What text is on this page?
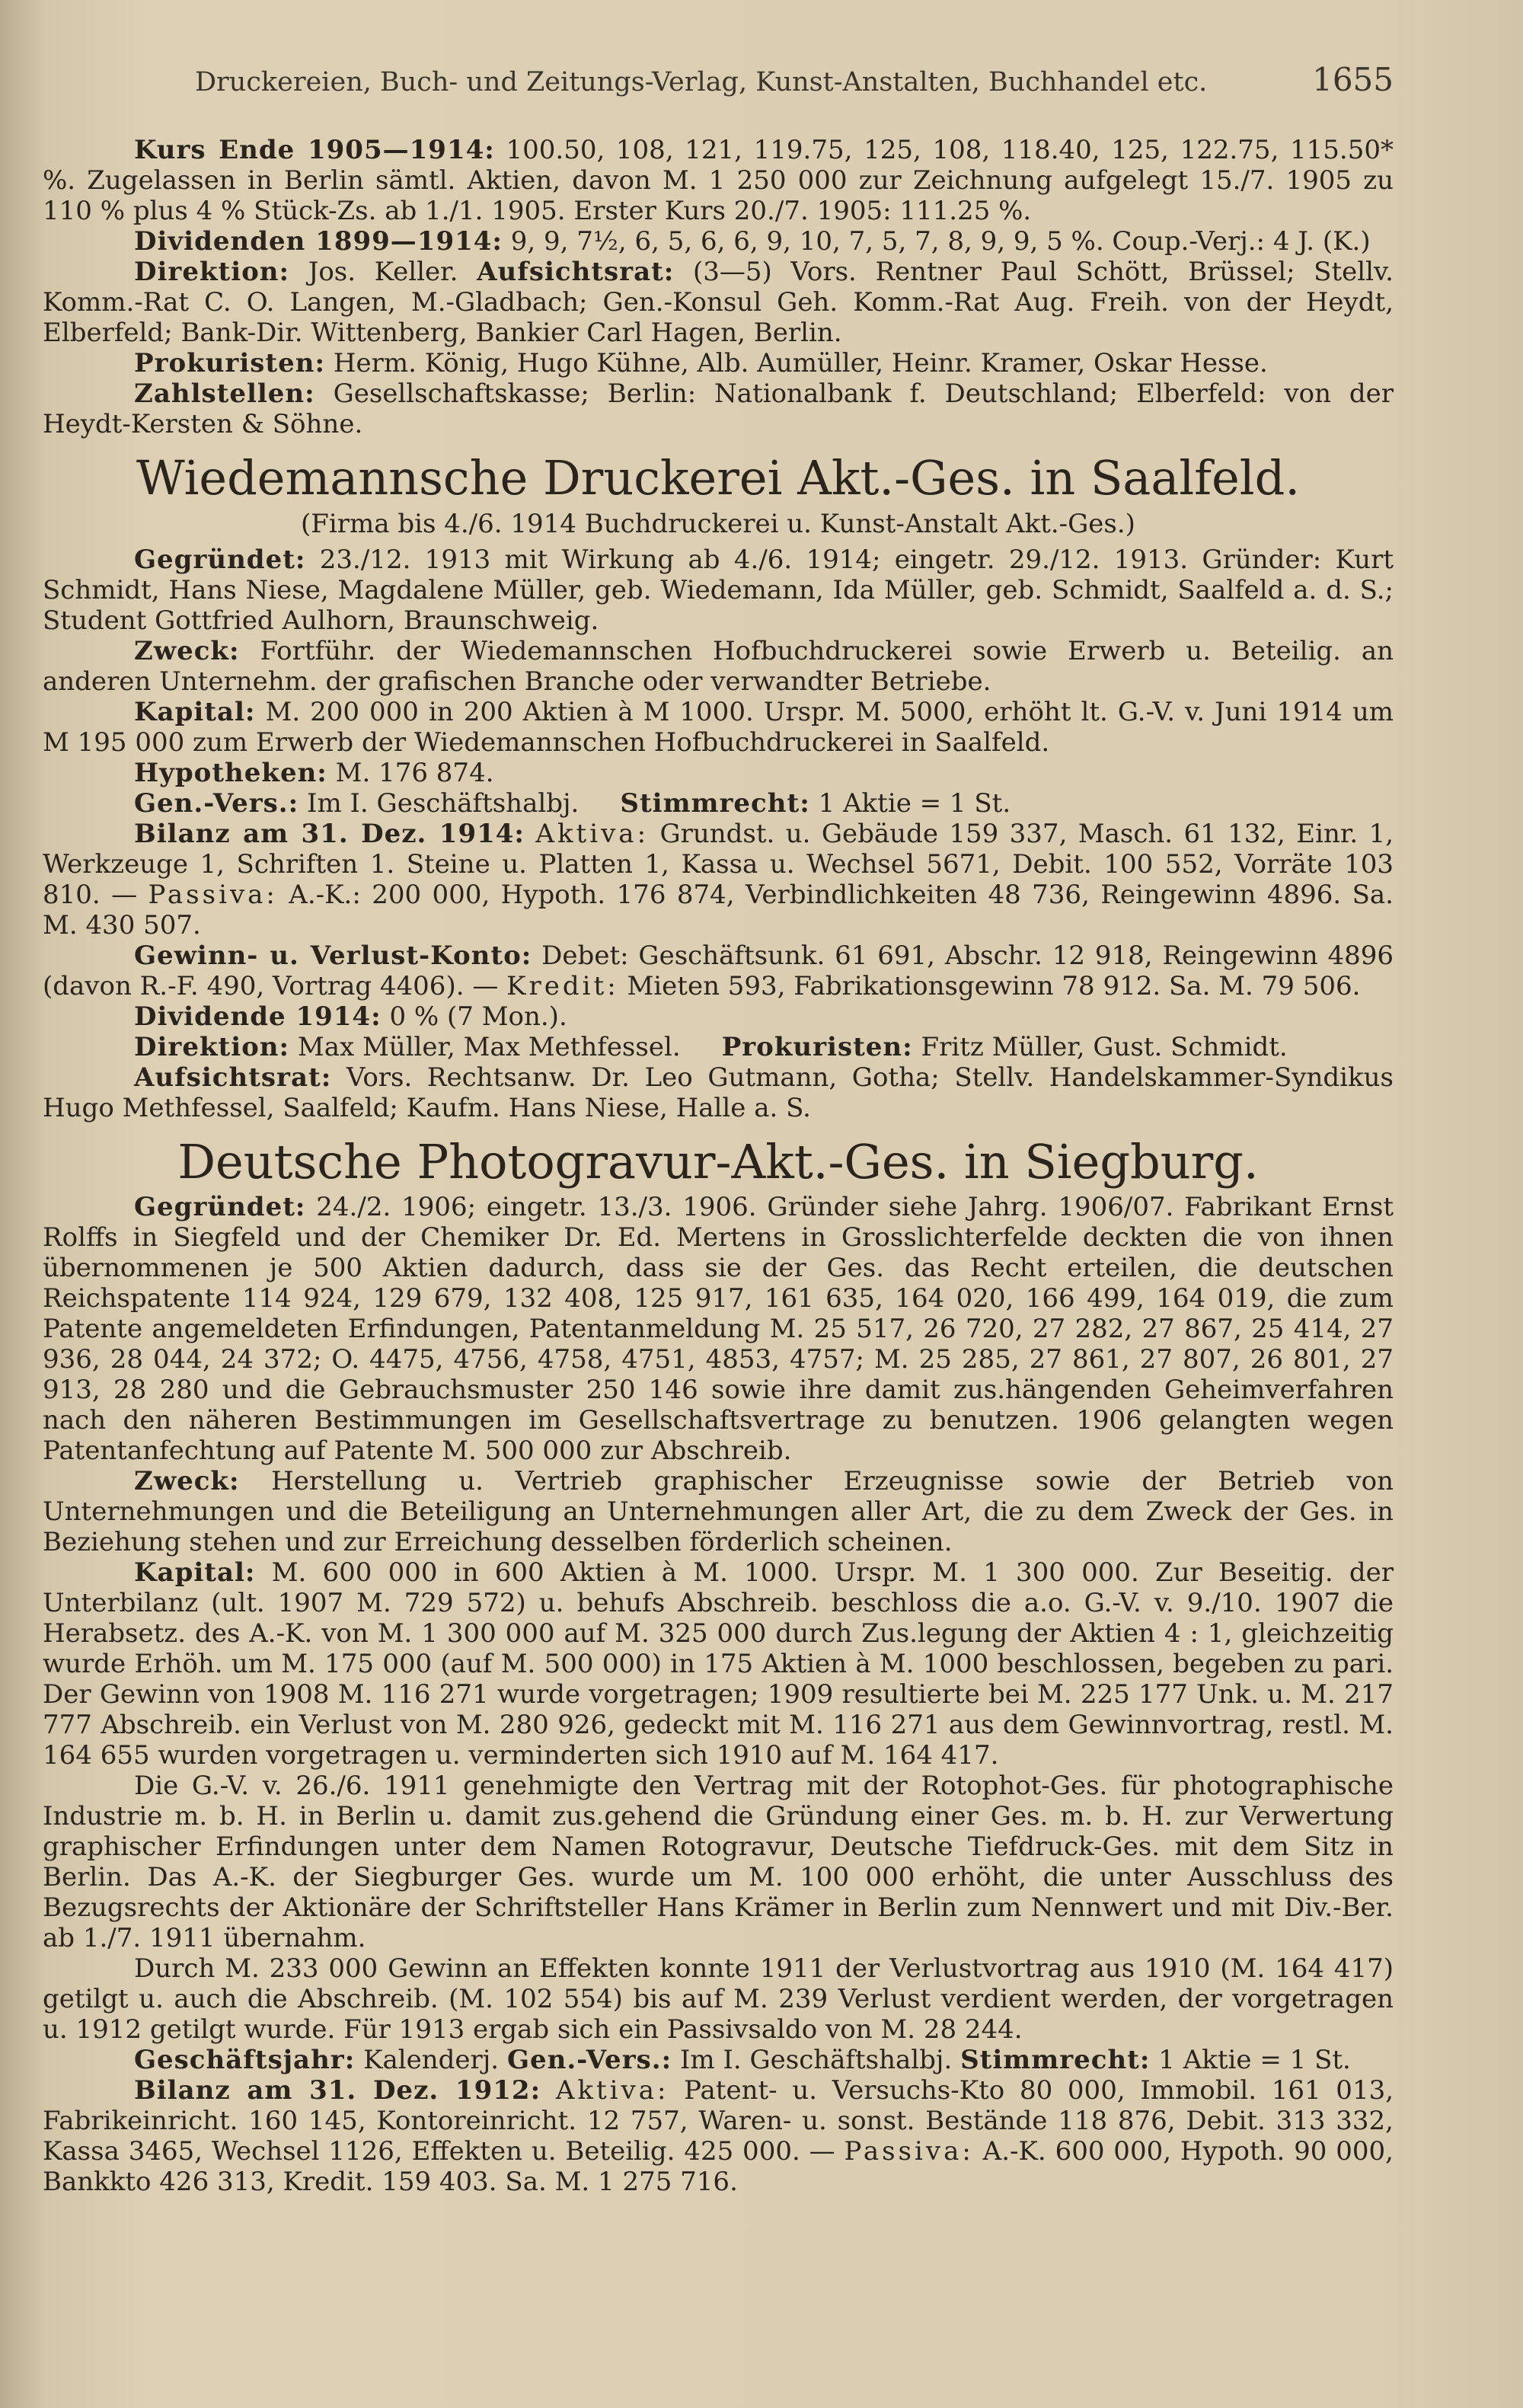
Druckereien, Buch- und Zeitungs-Verlag, Kunst-Anstalten, Buchhandel etc.	1655

Kurs Ende 1905—1914: 100.50, 108, 121, 119.75, 125, 108, 118.40, 125, 122.75, 115.50* %. Zugelassen in Berlin sämtl. Aktien, davon M. 1 250 000 zur Zeichnung aufgelegt 15./7. 1905 zu 110 % plus 4 % Stück-Zs. ab 1./1. 1905. Erster Kurs 20./7. 1905: 111.25 %.

Dividenden 1899—1914: 9, 9, 7½, 6, 5, 6, 6, 9, 10, 7, 5, 7, 8, 9, 9, 5 %. Coup.-Verj.: 4 J. (K.)

Direktion: Jos. Keller. Aufsichtsrat: (3—5) Vors. Rentner Paul Schött, Brüssel; Stellv. Komm.-Rat C. O. Langen, M.-Gladbach; Gen.-Konsul Geh. Komm.-Rat Aug. Freih. von der Heydt, Elberfeld; Bank-Dir. Wittenberg, Bankier Carl Hagen, Berlin.

Prokuristen: Herm. König, Hugo Kühne, Alb. Aumüller, Heinr. Kramer, Oskar Hesse.

Zahlstellen: Gesellschaftskasse; Berlin: Nationalbank f. Deutschland; Elberfeld: von der Heydt-Kersten & Söhne.

Wiedemannsche Druckerei Akt.-Ges. in Saalfeld.
(Firma bis 4./6. 1914 Buchdruckerei u. Kunst-Anstalt Akt.-Ges.)

Gegründet: 23./12. 1913 mit Wirkung ab 4./6. 1914; eingetr. 29./12. 1913. Gründer: Kurt Schmidt, Hans Niese, Magdalene Müller, geb. Wiedemann, Ida Müller, geb. Schmidt, Saalfeld a. d. S.; Student Gottfried Aulhorn, Braunschweig.

Zweck: Fortführ. der Wiedemannschen Hofbuchdruckerei sowie Erwerb u. Beteilig. an anderen Unternehm. der grafischen Branche oder verwandter Betriebe.

Kapital: M. 200 000 in 200 Aktien à M 1000. Urspr. M. 5000, erhöht lt. G.-V. v. Juni 1914 um M 195 000 zum Erwerb der Wiedemannschen Hofbuchdruckerei in Saalfeld.

Hypotheken: M. 176 874.

Gen.-Vers.: Im I. Geschäftshalbj. Stimmrecht: 1 Aktie = 1 St.

Bilanz am 31. Dez. 1914: Aktiva: Grundst. u. Gebäude 159 337, Masch. 61 132, Einr. 1, Werkzeuge 1, Schriften 1. Steine u. Platten 1, Kassa u. Wechsel 5671, Debit. 100 552, Vorräte 103 810. — Passiva: A.-K.: 200 000, Hypoth. 176 874, Verbindlichkeiten 48 736, Reingewinn 4896. Sa. M. 430 507.

Gewinn- u. Verlust-Konto: Debet: Geschäftsunk. 61 691, Abschr. 12 918, Reingewinn 4896 (davon R.-F. 490, Vortrag 4406). — Kredit: Mieten 593, Fabrikationsgewinn 78 912. Sa. M. 79 506.

Dividende 1914: 0 % (7 Mon.).

Direktion: Max Müller, Max Methfessel. Prokuristen: Fritz Müller, Gust. Schmidt.

Aufsichtsrat: Vors. Rechtsanw. Dr. Leo Gutmann, Gotha; Stellv. Handelskammer-Syndikus Hugo Methfessel, Saalfeld; Kaufm. Hans Niese, Halle a. S.

Deutsche Photogravur-Akt.-Ges. in Siegburg.

Gegründet: 24./2. 1906; eingetr. 13./3. 1906. Gründer siehe Jahrg. 1906/07. Fabrikant Ernst Rolffs in Siegfeld und der Chemiker Dr. Ed. Mertens in Grosslichterfelde deckten die von ihnen übernommenen je 500 Aktien dadurch, dass sie der Ges. das Recht erteilen, die deutschen Reichspatente 114 924, 129 679, 132 408, 125 917, 161 635, 164 020, 166 499, 164 019, die zum Patente angemeldeten Erfindungen, Patentanmeldung M. 25 517, 26 720, 27 282, 27 867, 25 414, 27 936, 28 044, 24 372; O. 4475, 4756, 4758, 4751, 4853, 4757; M. 25 285, 27 861, 27 807, 26 801, 27 913, 28 280 und die Gebrauchsmuster 250 146 sowie ihre damit zus.hängenden Geheimverfahren nach den näheren Bestimmungen im Gesellschaftsvertrage zu benutzen. 1906 gelangten wegen Patentanfechtung auf Patente M. 500 000 zur Abschreib.

Zweck: Herstellung u. Vertrieb graphischer Erzeugnisse sowie der Betrieb von Unternehmungen und die Beteiligung an Unternehmungen aller Art, die zu dem Zweck der Ges. in Beziehung stehen und zur Erreichung desselben förderlich scheinen.

Kapital: M. 600 000 in 600 Aktien à M. 1000. Urspr. M. 1 300 000. Zur Beseitig. der Unterbilanz (ult. 1907 M. 729 572) u. behufs Abschreib. beschloss die a.o. G.-V. v. 9./10. 1907 die Herabsetz. des A.-K. von M. 1 300 000 auf M. 325 000 durch Zus.legung der Aktien 4 : 1, gleichzeitig wurde Erhöh. um M. 175 000 (auf M. 500 000) in 175 Aktien à M. 1000 beschlossen, begeben zu pari. Der Gewinn von 1908 M. 116 271 wurde vorgetragen; 1909 resultierte bei M. 225 177 Unk. u. M. 217 777 Abschreib. ein Verlust von M. 280 926, gedeckt mit M. 116 271 aus dem Gewinnvortrag, restl. M. 164 655 wurden vorgetragen u. verminderten sich 1910 auf M. 164 417.

Die G.-V. v. 26./6. 1911 genehmigte den Vertrag mit der Rotophot-Ges. für photographische Industrie m. b. H. in Berlin u. damit zus.gehend die Gründung einer Ges. m. b. H. zur Verwertung graphischer Erfindungen unter dem Namen Rotogravur, Deutsche Tiefdruck-Ges. mit dem Sitz in Berlin. Das A.-K. der Siegburger Ges. wurde um M. 100 000 erhöht, die unter Ausschluss des Bezugsrechts der Aktionäre der Schriftsteller Hans Krämer in Berlin zum Nennwert und mit Div.-Ber. ab 1./7. 1911 übernahm.

Durch M. 233 000 Gewinn an Effekten konnte 1911 der Verlustvortrag aus 1910 (M. 164 417) getilgt u. auch die Abschreib. (M. 102 554) bis auf M. 239 Verlust verdient werden, der vorgetragen u. 1912 getilgt wurde. Für 1913 ergab sich ein Passivsaldo von M. 28 244.

Geschäftsjahr: Kalenderj. Gen.-Vers.: Im I. Geschäftshalbj. Stimmrecht: 1 Aktie = 1 St.

Bilanz am 31. Dez. 1912: Aktiva: Patent- u. Versuchs-Kto 80 000, Immobil. 161 013, Fabrikeinricht. 160 145, Kontoreinricht. 12 757, Waren- u. sonst. Bestände 118 876, Debit. 313 332, Kassa 3465, Wechsel 1126, Effekten u. Beteilig. 425 000. — Passiva: A.-K. 600 000, Hypoth. 90 000, Bankkto 426 313, Kredit. 159 403. Sa. M. 1 275 716.
